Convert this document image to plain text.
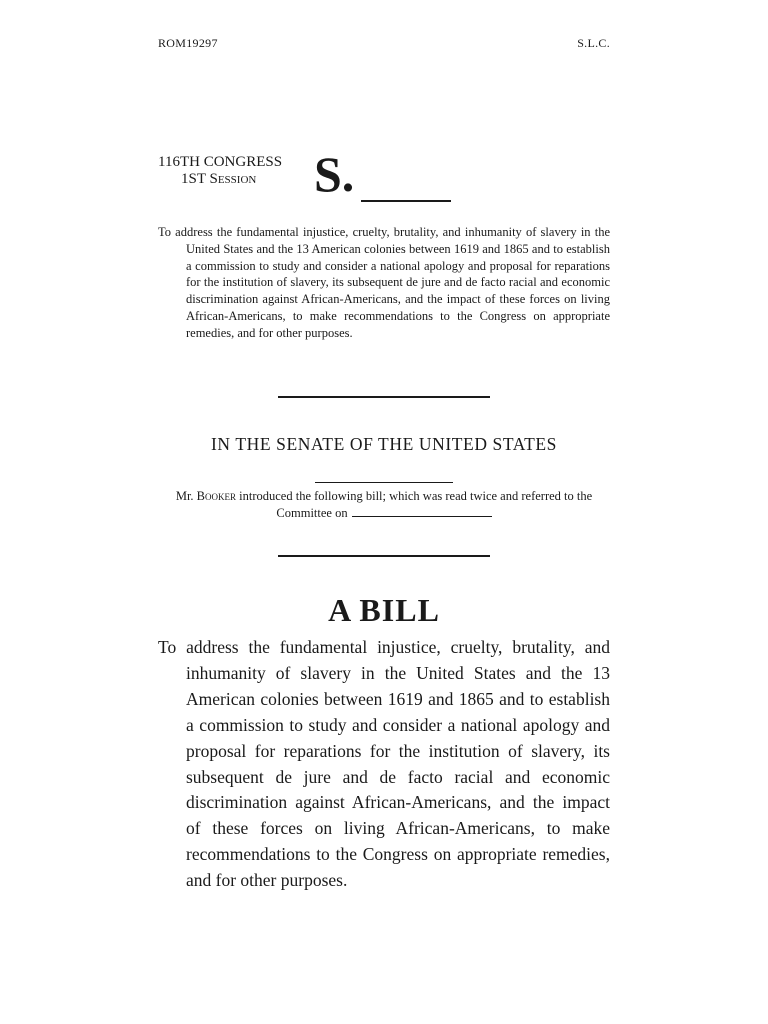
ROM19297	S.L.C.
116TH CONGRESS
1ST Session S.
To address the fundamental injustice, cruelty, brutality, and inhumanity of slavery in the United States and the 13 American colonies between 1619 and 1865 and to establish a commission to study and consider a national apology and proposal for reparations for the institution of slavery, its subsequent de jure and de facto racial and economic discrimination against African-Americans, and the impact of these forces on living African-Americans, to make recommendations to the Congress on appropriate remedies, and for other purposes.
IN THE SENATE OF THE UNITED STATES
Mr. Booker introduced the following bill; which was read twice and referred to the Committee on
A BILL
To address the fundamental injustice, cruelty, brutality, and inhumanity of slavery in the United States and the 13 American colonies between 1619 and 1865 and to establish a commission to study and consider a national apology and proposal for reparations for the institution of slavery, its subsequent de jure and de facto racial and economic discrimination against African-Americans, and the impact of these forces on living African-Americans, to make recommendations to the Congress on appropriate remedies, and for other purposes.
